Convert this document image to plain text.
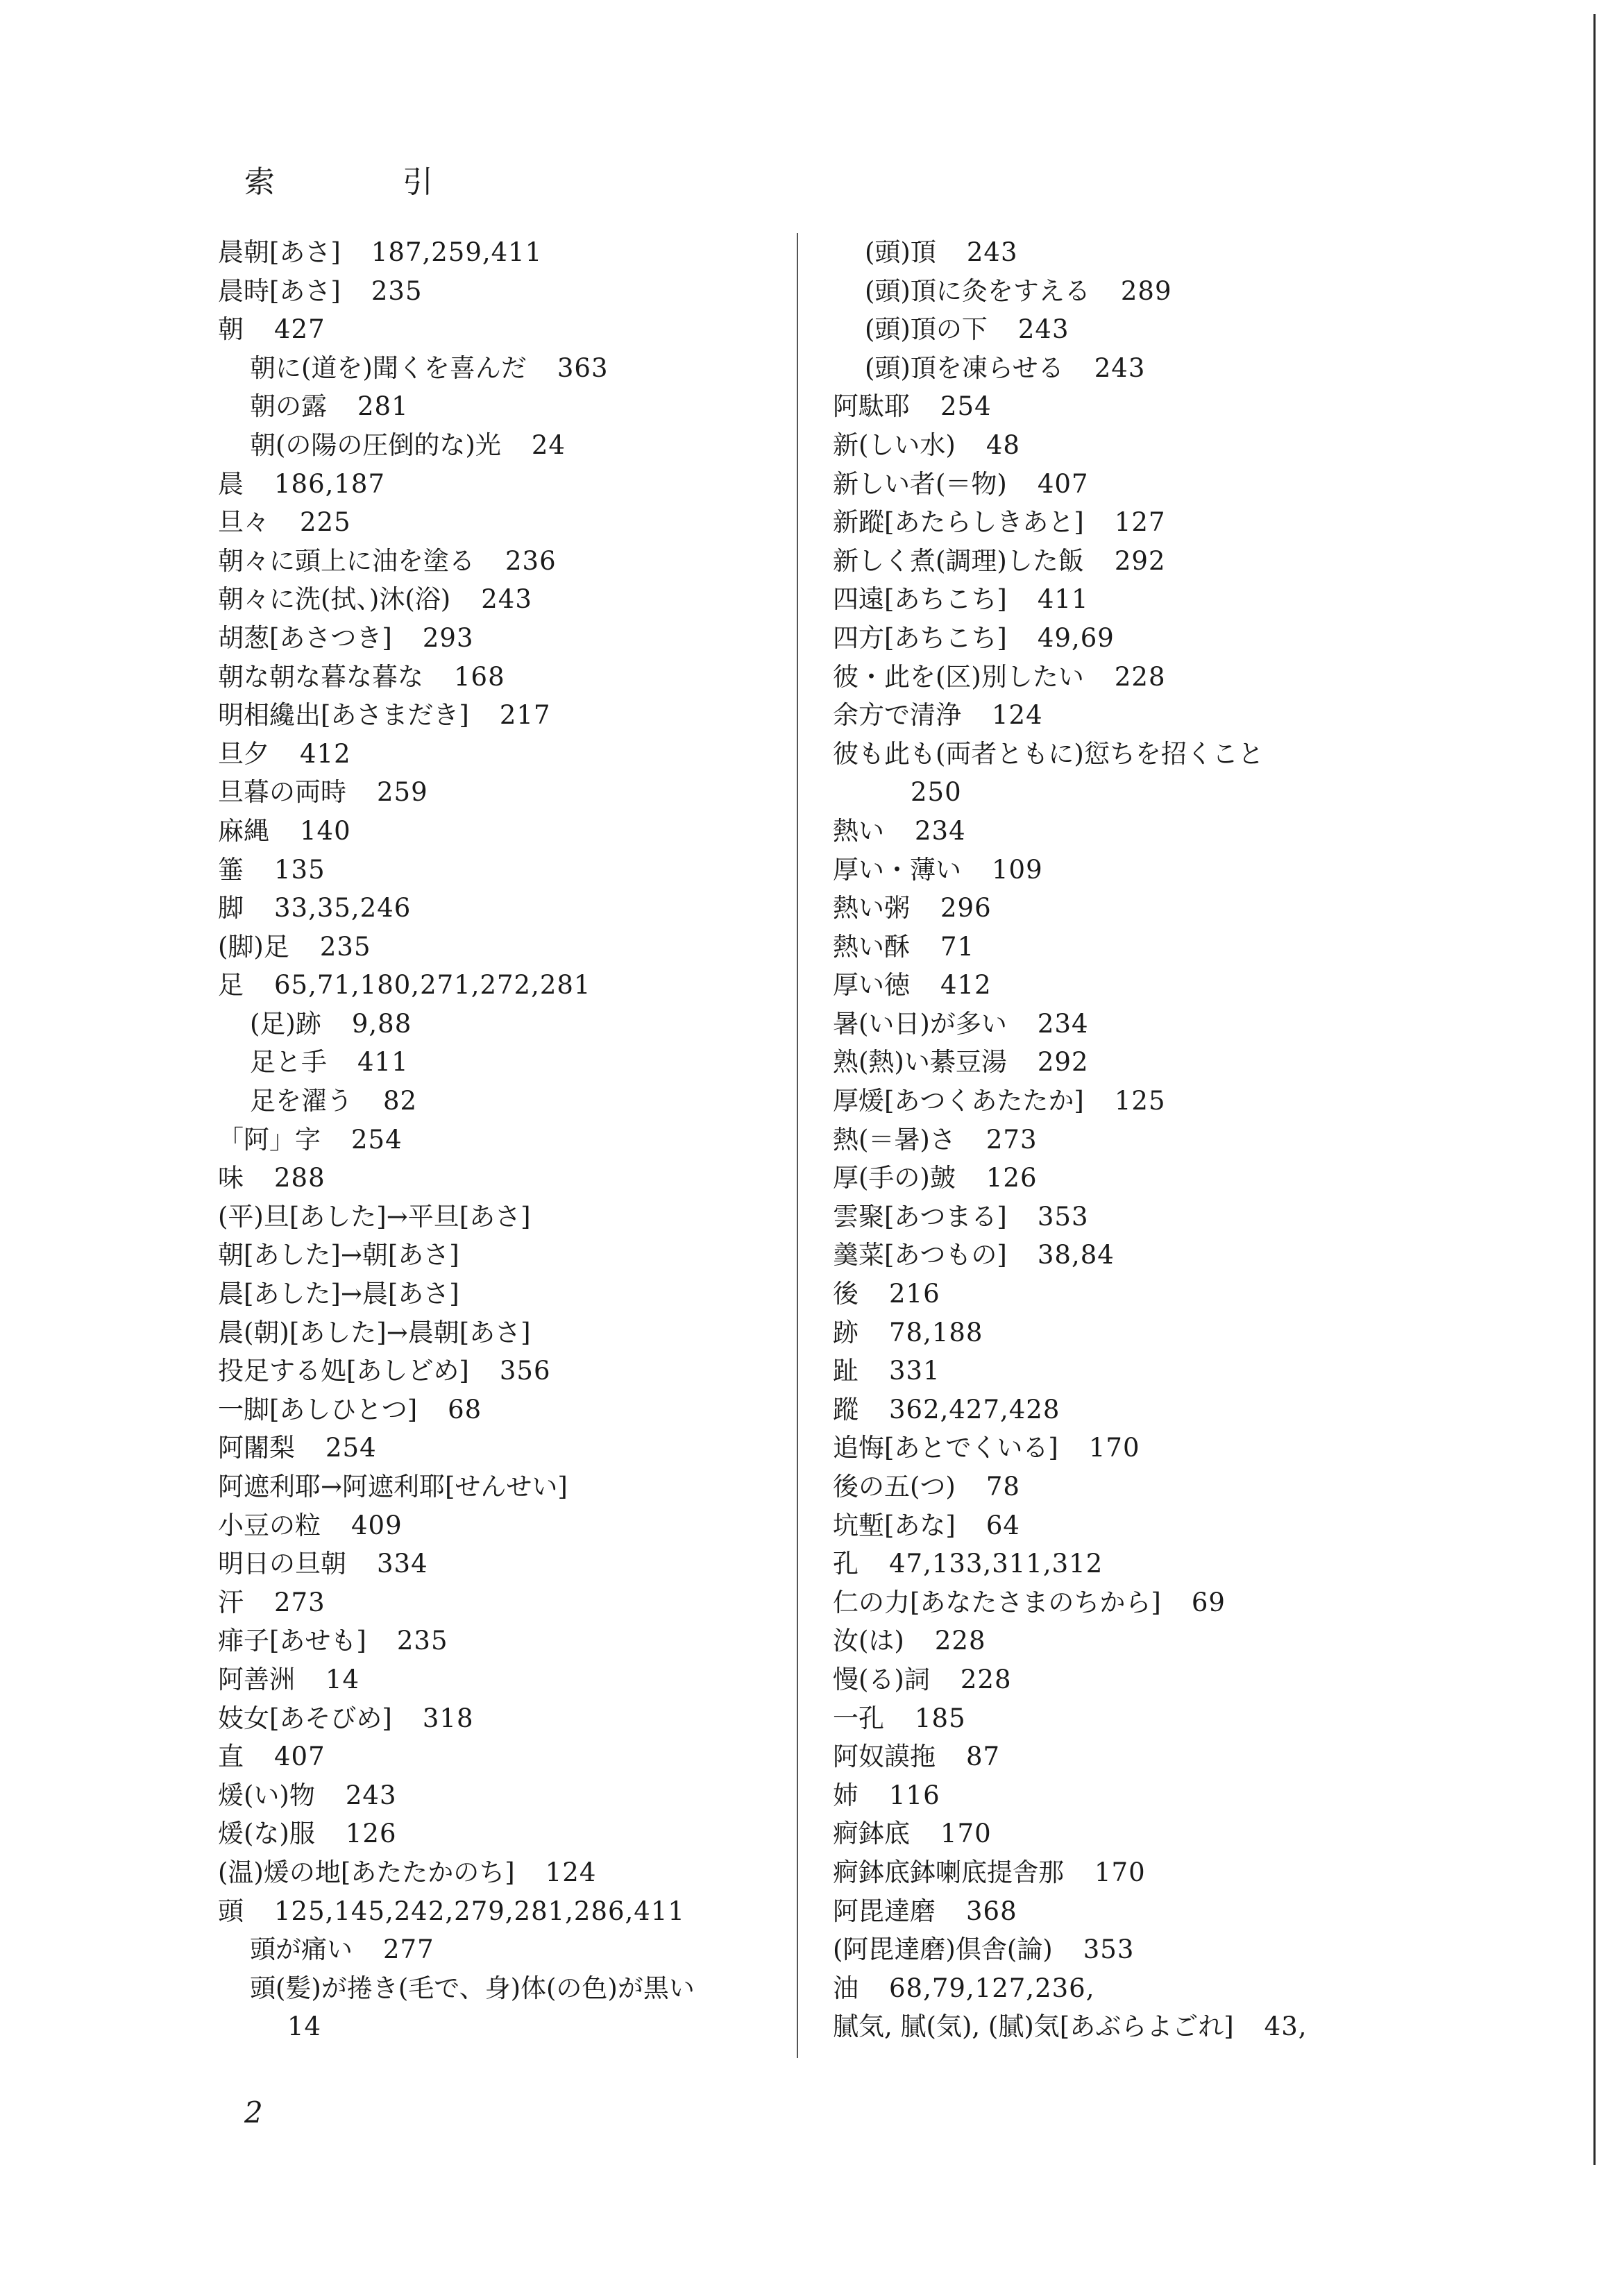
索　引
晨朝[あさ] 187,259,411
晨時[あさ] 235
朝 427
朝に(道を)聞くを喜んだ 363
朝の露 281
朝(の陽の圧倒的な)光 24
晨 186,187
旦々 225
朝々に頭上に油を塗る 236
朝々に洗(拭、)沐(浴) 243
胡葱[あさつき] 293
朝な朝な暮な暮な 168
明相纔出[あさまだき] 217
旦夕 412
旦暮の両時 259
麻縄 140
箠 135
脚 33,35,246
(脚)足 235
足 65,71,180,271,272,281
(足)跡 9,88
足と手 411
足を濯う 82
「阿」字 254
味 288
(平)旦[あした]→平旦[あさ]
朝[あした]→朝[あさ]
晨[あした]→晨[あさ]
晨(朝)[あした]→晨朝[あさ]
投足する処[あしどめ] 356
一脚[あしひとつ] 68
阿闍梨 254
阿遮利耶→阿遮利耶[せんせい]
小豆の粒 409
明日の旦朝 334
汗 273
痱子[あせも] 235
阿善洲 14
妓女[あそびめ] 318
直 407
煖(い)物 243
煖(な)服 126
(温)煖の地[あたたかのち] 124
頭 125,145,242,279,281,286,411
頭が痛い 277
頭(髪)が捲き(毛で、身)体(の色)が黒い
14
(頭)頂 243
(頭)頂に灸をすえる 289
(頭)頂の下 243
(頭)頂を凍らせる 243
阿駄耶 254
新(しい水) 48
新しい者(＝物) 407
新蹤[あたらしきあと] 127
新しく煮(調理)した飯 292
四遠[あちこち] 411
四方[あちこち] 49,69
彼・此を(区)別したい 228
余方で清浄 124
彼も此も(両者ともに)愆ちを招くこと
250
熱い 234
厚い・薄い 109
熱い粥 296
熱い酥 71
厚い徳 412
暑(い日)が多い 234
熟(熱)い綦豆湯 292
厚煖[あつくあたたか] 125
熱(＝暑)さ 273
厚(手の)皷 126
雲聚[あつまる] 353
羹菜[あつもの] 38,84
後 216
跡 78,188
趾 331
蹤 362,427,428
追悔[あとでくいる] 170
後の五(つ) 78
坑塹[あな] 64
孔 47,133,311,312
仁の力[あなたさまのちから] 69
汝(は) 228
慢(る)詞 228
一孔 185
阿奴謨拖 87
姉 116
痾鉢底 170
痾鉢底鉢喇底提舎那 170
阿毘達磨 368
(阿毘達磨)倶舎(論) 353
油 68,79,127,236,
膩気, 膩(気), (膩)気[あぶらよごれ] 43,
2
